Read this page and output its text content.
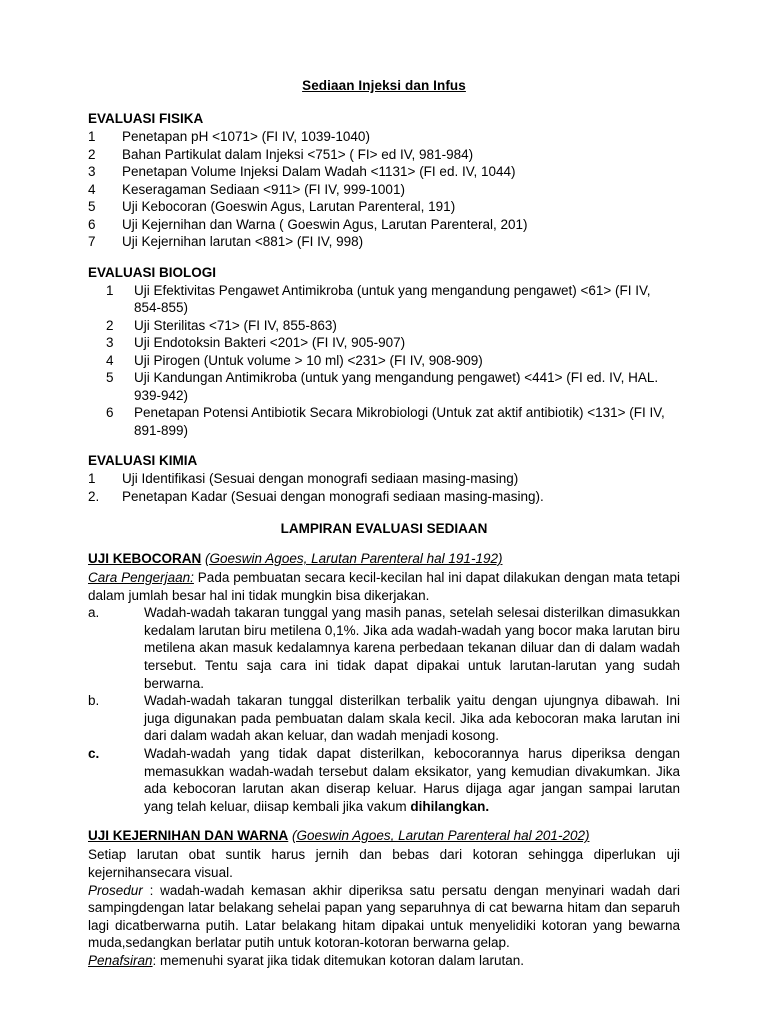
Sediaan Injeksi dan Infus
EVALUASI FISIKA
1	Penetapan pH <1071> (FI IV, 1039-1040)
2	Bahan Partikulat dalam Injeksi <751> ( FI> ed IV, 981-984)
3	Penetapan Volume Injeksi Dalam Wadah <1131> (FI ed. IV, 1044)
4	Keseragaman Sediaan <911> (FI IV, 999-1001)
5	Uji Kebocoran (Goeswin Agus, Larutan Parenteral, 191)
6	Uji Kejernihan dan Warna ( Goeswin Agus, Larutan Parenteral, 201)
7	Uji Kejernihan larutan <881> (FI IV, 998)
EVALUASI BIOLOGI
1	Uji Efektivitas Pengawet Antimikroba (untuk yang mengandung pengawet) <61> (FI IV, 854-855)
2	Uji Sterilitas <71> (FI IV, 855-863)
3	Uji Endotoksin Bakteri <201> (FI IV, 905-907)
4	Uji Pirogen (Untuk volume > 10 ml) <231> (FI IV, 908-909)
5	Uji Kandungan Antimikroba (untuk yang mengandung pengawet) <441> (FI ed. IV, HAL. 939-942)
6	Penetapan Potensi Antibiotik Secara Mikrobiologi (Untuk zat aktif antibiotik) <131> (FI IV, 891-899)
EVALUASI KIMIA
1	Uji Identifikasi (Sesuai dengan monografi sediaan masing-masing)
2.	Penetapan Kadar (Sesuai dengan monografi sediaan masing-masing).
LAMPIRAN EVALUASI SEDIAAN
UJI KEBOCORAN (Goeswin Agoes, Larutan Parenteral hal 191-192)

Cara Pengerjaan: Pada pembuatan secara kecil-kecilan hal ini dapat dilakukan dengan mata tetapi dalam jumlah besar hal ini tidak mungkin bisa dikerjakan.

a.	Wadah-wadah takaran tunggal yang masih panas, setelah selesai disterilkan dimasukkan kedalam larutan biru metilena 0,1%. Jika ada wadah-wadah yang bocor maka larutan biru metilena akan masuk kedalamnya karena perbedaan tekanan diluar dan di dalam wadah tersebut. Tentu saja cara ini tidak dapat dipakai untuk larutan-larutan yang sudah berwarna.
b.	Wadah-wadah takaran tunggal disterilkan terbalik yaitu dengan ujungnya dibawah. Ini juga digunakan pada pembuatan dalam skala kecil. Jika ada kebocoran maka larutan ini dari dalam wadah akan keluar, dan wadah menjadi kosong.
c.	Wadah-wadah yang tidak dapat disterilkan, kebocorannya harus diperiksa dengan memasukkan wadah-wadah tersebut dalam eksikator, yang kemudian divakumkan. Jika ada kebocoran larutan akan diserap keluar. Harus dijaga agar jangan sampai larutan yang telah keluar, diisap kembali jika vakum dihilangkan.
UJI KEJERNIHAN DAN WARNA (Goeswin Agoes, Larutan Parenteral hal 201-202)

Setiap larutan obat suntik harus jernih dan bebas dari kotoran sehingga diperlukan uji kejernihansecara visual.

Prosedur : wadah-wadah kemasan akhir diperiksa satu persatu dengan menyinari wadah dari sampingdengan latar belakang sehelai papan yang separuhnya di cat bewarna hitam dan separuh lagi dicatberwarna putih. Latar belakang hitam dipakai untuk menyelidiki kotoran yang bewarna muda,sedangkan berlatar putih untuk kotoran-kotoran berwarna gelap.

Penafsiran: memenuhi syarat jika tidak ditemukan kotoran dalam larutan.
